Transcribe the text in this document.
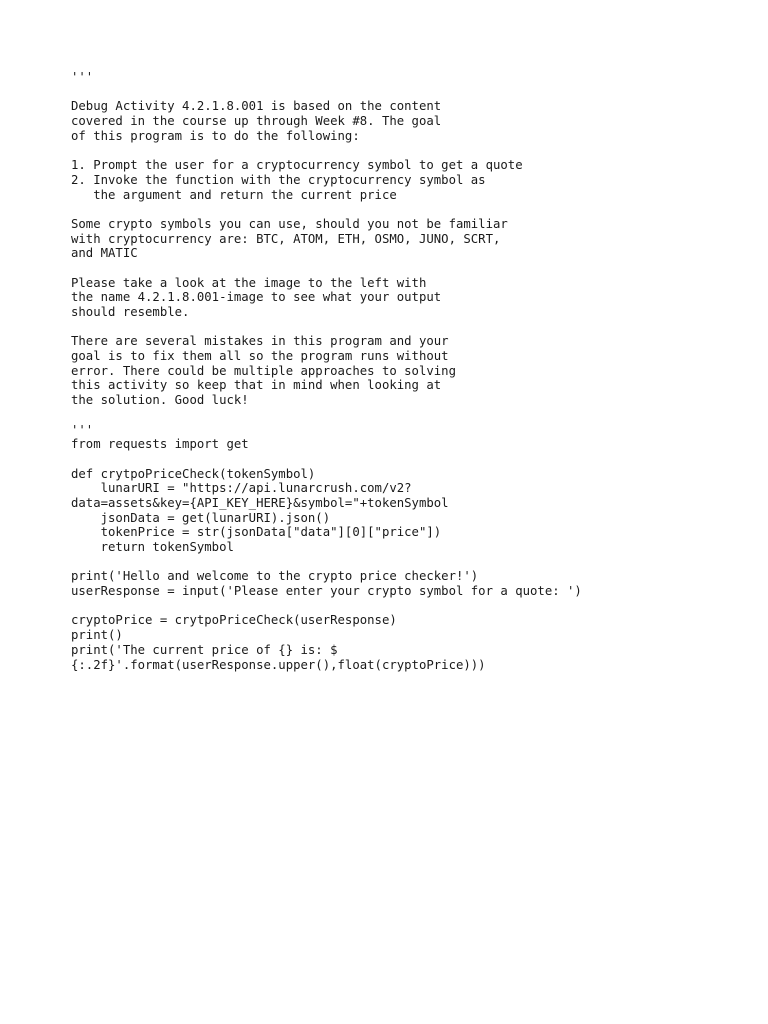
'''
Debug Activity 4.2.1.8.001 is based on the content
covered in the course up through Week #8. The goal
of this program is to do the following:
1. Prompt the user for a cryptocurrency symbol to get a quote
2. Invoke the function with the cryptocurrency symbol as
the argument and return the current price
Some crypto symbols you can use, should you not be familiar
with cryptocurrency are: BTC, ATOM, ETH, OSMO, JUNO, SCRT,
and MATIC
Please take a look at the image to the left with
the name 4.2.1.8.001-image to see what your output
should resemble.
There are several mistakes in this program and your
goal is to fix them all so the program runs without
error. There could be multiple approaches to solving
this activity so keep that in mind when looking at
the solution. Good luck!
'''
from requests import get
def crytpoPriceCheck(tokenSymbol)
lunarURI = "https://api.lunarcrush.com/v2?
data=assets&key={API_KEY_HERE}&symbol="+tokenSymbol
jsonData = get(lunarURI).json()
tokenPrice = str(jsonData["data"][0]["price"])
return tokenSymbol
print('Hello and welcome to the crypto price checker!')
userResponse = input('Please enter your crypto symbol for a quote: ')
cryptoPrice = crytpoPriceCheck(userResponse)
print()
print('The current price of {} is: $
{:.2f}'.format(userResponse.upper(),float(cryptoPrice)))
